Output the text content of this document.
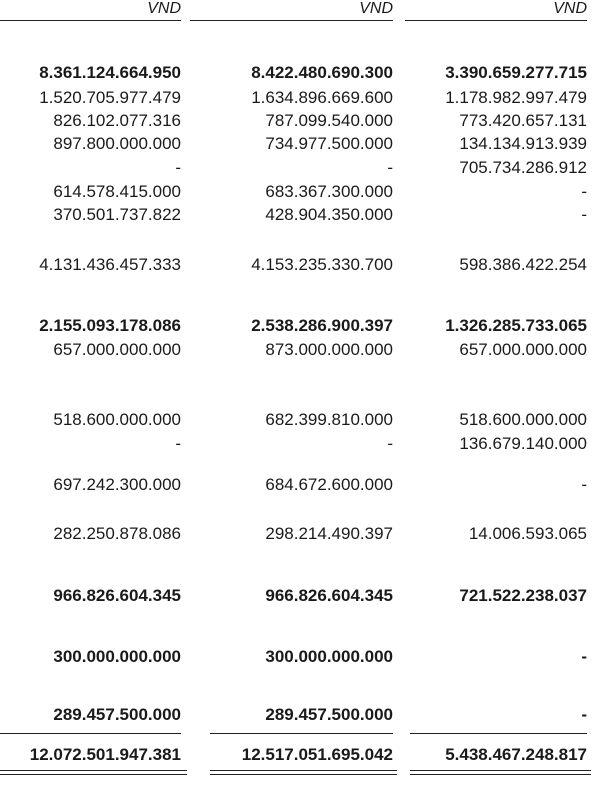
VND	VND	VND
8.361.124.664.950	8.422.480.690.300	3.390.659.277.715
1.520.705.977.479	1.634.896.669.600	1.178.982.997.479
826.102.077.316	787.099.540.000	773.420.657.131
897.800.000.000	734.977.500.000	134.134.913.939
-	-	705.734.286.912
614.578.415.000	683.367.300.000	-
370.501.737.822	428.904.350.000	-
4.131.436.457.333	4.153.235.330.700	598.386.422.254
2.155.093.178.086	2.538.286.900.397	1.326.285.733.065
657.000.000.000	873.000.000.000	657.000.000.000
518.600.000.000	682.399.810.000	518.600.000.000
-	-	136.679.140.000
697.242.300.000	684.672.600.000	-
282.250.878.086	298.214.490.397	14.006.593.065
966.826.604.345	966.826.604.345	721.522.238.037
300.000.000.000	300.000.000.000	-
289.457.500.000	289.457.500.000	-
12.072.501.947.381	12.517.051.695.042	5.438.467.248.817
